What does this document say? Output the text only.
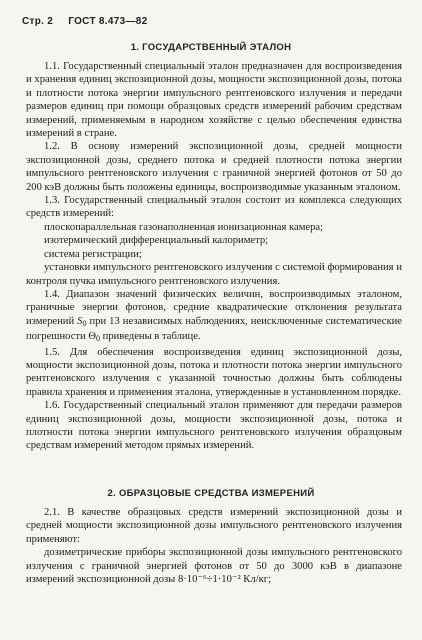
Стр. 2 ГОСТ 8.473—82
1. ГОСУДАРСТВЕННЫЙ ЭТАЛОН

1.1. Государственный специальный эталон предназначен для воспроизведения и хранения единиц экспозиционной дозы, мощности экспозиционной дозы, потока и плотности потока энергии импульсного рентгеновского излучения и передачи размеров единиц при помощи образцовых средств измерений рабочим средствам измерений, применяемым в народном хозяйстве с целью обеспечения единства измерений в стране.

1.2. В основу измерений экспозиционной дозы, средней мощности экспозиционной дозы, среднего потока и средней плотности потока энергии импульсного рентгеновского излучения с граничной энергией фотонов от 50 до 200 кэВ должны быть положены единицы, воспроизводимые указанным эталоном.

1.3. Государственный специальный эталон состоит из комплекса следующих средств измерений:

плоскопараллельная газонаполненная ионизационная камера;

изотермический дифференциальный калориметр;

система регистрации;

установки импульсного рентгеновского излучения с системой формирования и контроля пучка импульсного рентгеновского излучения.

1.4. Диапазон значений физических величин, воспроизводимых эталоном, граничные энергии фотонов, средние квадратические отклонения результата измерений $S_0$ при 13 независимых наблюдениях, неисключенные систематические погрешности $\Theta_0$ приведены в таблице.

1.5. Для обеспечения воспроизведения единиц экспозиционной дозы, мощности экспозиционной дозы, потока и плотности потока энергии импульсного рентгеновского излучения с указанной точностью должны быть соблюдены правила хранения и применения эталона, утвержденные в установленном порядке.

1.6. Государственный специальный эталон применяют для передачи размеров единиц экспозиционной дозы, мощности экспозиционной дозы, потока и плотности потока энергии импульсного рентгеновского излучения образцовым средствам измерений методом прямых измерений.

2. ОБРАЗЦОВЫЕ СРЕДСТВА ИЗМЕРЕНИЙ

2.1. В качестве образцовых средств измерений экспозиционной дозы и средней мощности экспозиционной дозы импульсного рентгеновского излучения применяют:

дозиметрические приборы экспозиционной дозы импульсного рентгеновского излучения с граничной энергией фотонов от 50 до 3000 кэВ в диапазоне измерений экспозиционной дозы 8·10⁻⁶÷1·10⁻² Кл/кг;
